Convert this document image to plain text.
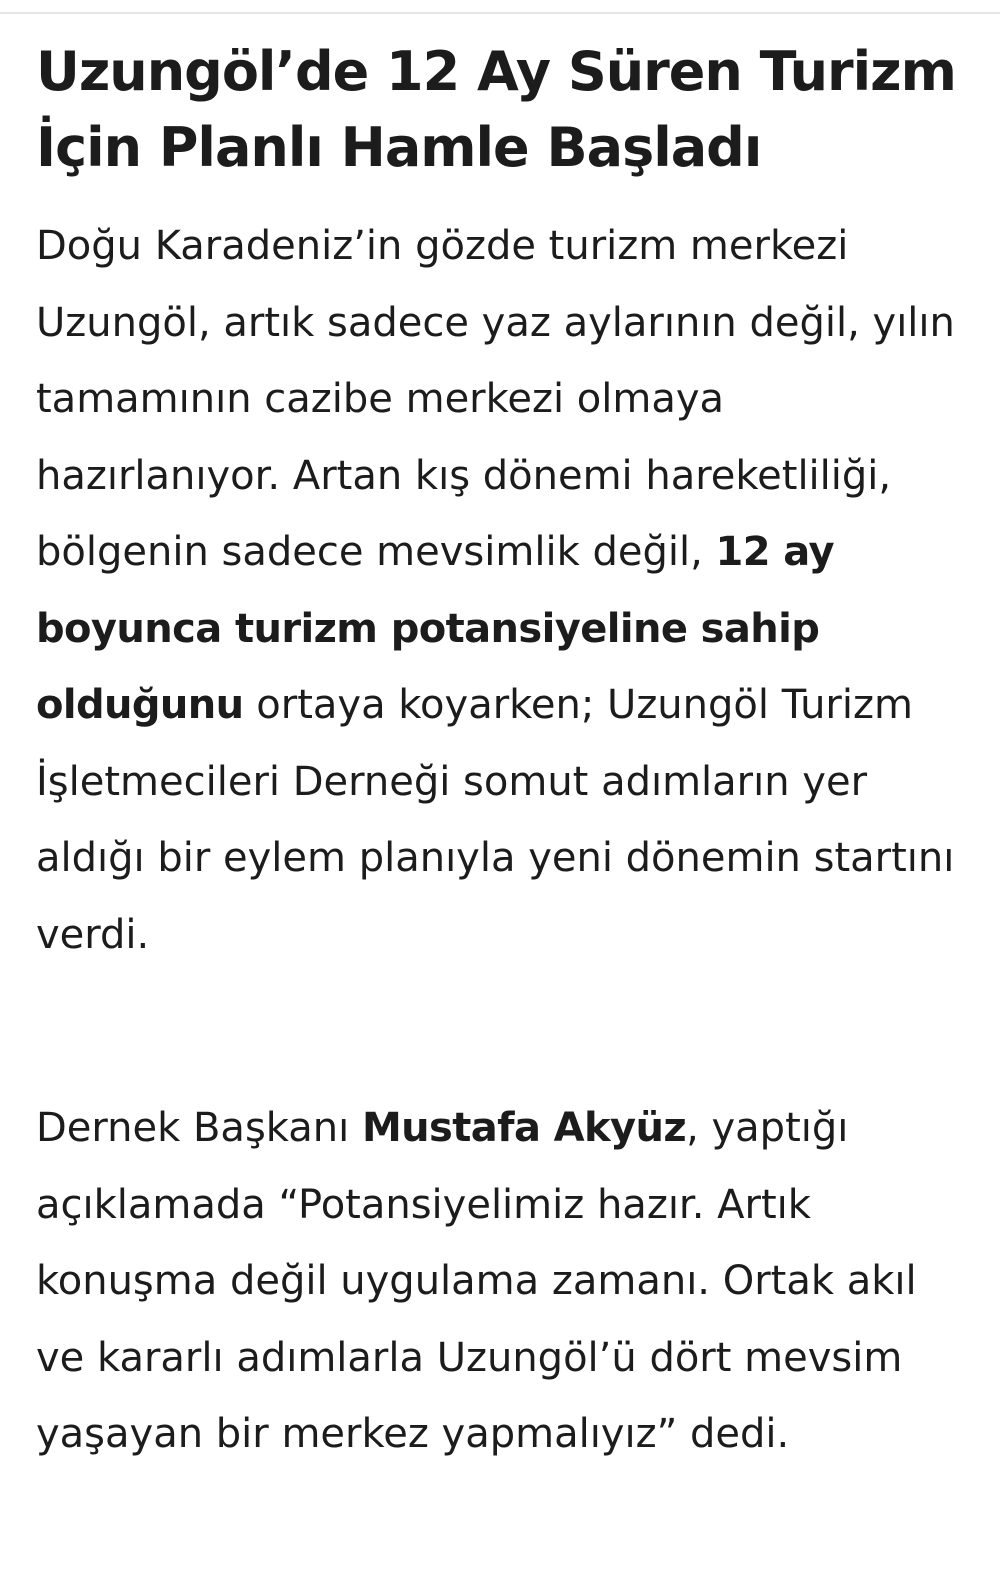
Uzungöl’de 12 Ay Süren Turizm İçin Planlı Hamle Başladı

Doğu Karadeniz’in gözde turizm merkezi Uzungöl, artık sadece yaz aylarının değil, yılın tamamının cazibe merkezi olmaya hazırlanıyor. Artan kış dönemi hareketliliği, bölgenin sadece mevsimlik değil, 12 ay boyunca turizm potansiyeline sahip olduğunu ortaya koyarken; Uzungöl Turizm İşletmecileri Derneği somut adımların yer aldığı bir eylem planıyla yeni dönemin startını verdi.

Dernek Başkanı Mustafa Akyüz, yaptığı açıklamada “Potansiyelimiz hazır. Artık konuşma değil uygulama zamanı. Ortak akıl ve kararlı adımlarla Uzungöl’ü dört mevsim yaşayan bir merkez yapmalıyız” dedi.
